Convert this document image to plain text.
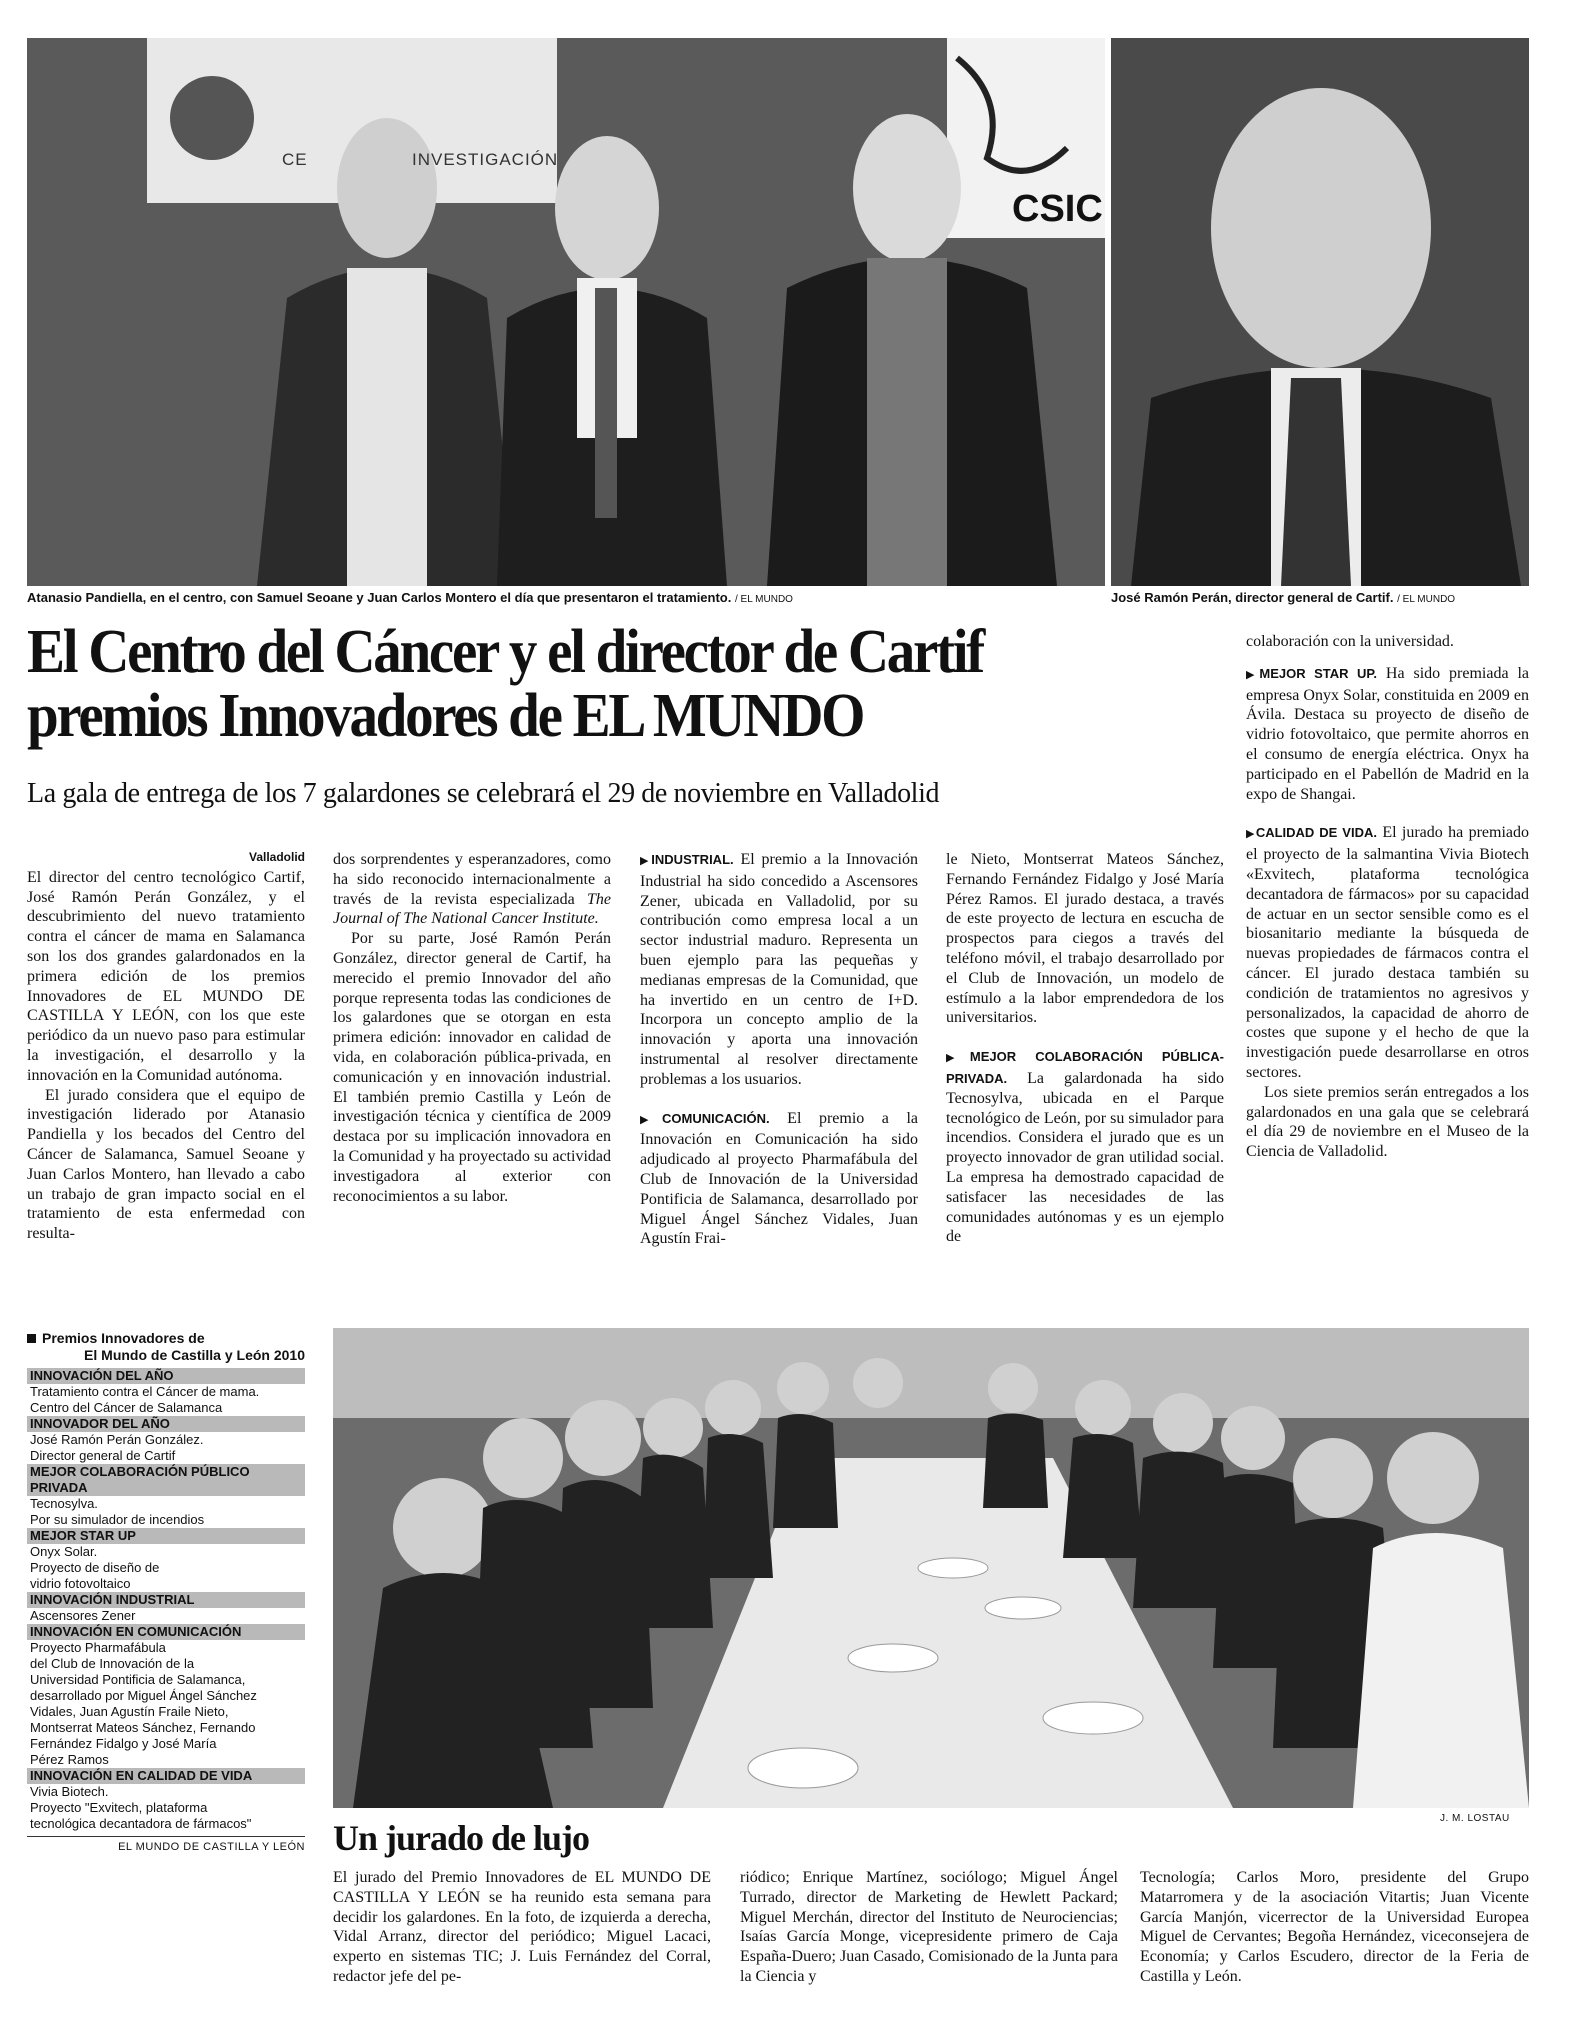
CE	INVESTIGACIÓN
CSIC
Atanasio Pandiella, en el centro, con Samuel Seoane y Juan Carlos Montero el día que presentaron el tratamiento. / EL MUNDO	José Ramón Perán, director general de Cartif. / EL MUNDO
El Centro del Cáncer y el director de Cartif
premios Innovadores de EL MUNDO
La gala de entrega de los 7 galardones se celebrará el 29 de noviembre en Valladolid
Valladolid

El director del centro tecnológico Cartif, José Ramón Perán González, y el descubrimiento del nuevo tratamiento contra el cáncer de mama en Salamanca son los dos grandes galardonados en la primera edición de los premios Innovadores de EL MUNDO DE CASTILLA Y LEÓN, con los que este periódico da un nuevo paso para estimular la investigación, el desarrollo y la innovación en la Comunidad autónoma.

El jurado considera que el equipo de investigación liderado por Atanasio Pandiella y los becados del Centro del Cáncer de Salamanca, Samuel Seoane y Juan Carlos Montero, han llevado a cabo un trabajo de gran impacto social en el tratamiento de esta enfermedad con resulta-

dos sorprendentes y esperanzadores, como ha sido reconocido internacionalmente a través de la revista especializada The Journal of The National Cancer Institute.

Por su parte, José Ramón Perán González, director general de Cartif, ha merecido el premio Innovador del año porque representa todas las condiciones de los galardones que se otorgan en esta primera edición: innovador en calidad de vida, en colaboración pública-privada, en comunicación y en innovación industrial. El también premio Castilla y León de investigación técnica y científica de 2009 destaca por su implicación innovadora en la Comunidad y ha proyectado su actividad investigadora al exterior con reconocimientos a su labor.

▶INDUSTRIAL. El premio a la Innovación Industrial ha sido concedido a Ascensores Zener, ubicada en Valladolid, por su contribución como empresa local a un sector industrial maduro. Representa un buen ejemplo para las pequeñas y medianas empresas de la Comunidad, que ha invertido en un centro de I+D. Incorpora un concepto amplio de la innovación y aporta una innovación instrumental al resolver directamente problemas a los usuarios.

▶COMUNICACIÓN. El premio a la Innovación en Comunicación ha sido adjudicado al proyecto Pharmafábula del Club de Innovación de la Universidad Pontificia de Salamanca, desarrollado por Miguel Ángel Sánchez Vidales, Juan Agustín Frai-

le Nieto, Montserrat Mateos Sánchez, Fernando Fernández Fidalgo y José María Pérez Ramos. El jurado destaca, a través de este proyecto de lectura en escucha de prospectos para ciegos a través del teléfono móvil, el trabajo desarrollado por el Club de Innovación, un modelo de estímulo a la labor emprendedora de los universitarios.

▶MEJOR COLABORACIÓN PÚBLICA-PRIVADA. La galardonada ha sido Tecnosylva, ubicada en el Parque tecnológico de León, por su simulador para incendios. Considera el jurado que es un proyecto innovador de gran utilidad social. La empresa ha demostrado capacidad de satisfacer las necesidades de las comunidades autónomas y es un ejemplo de

colaboración con la universidad.

▶MEJOR STAR UP. Ha sido premiada la empresa Onyx Solar, constituida en 2009 en Ávila. Destaca su proyecto de diseño de vidrio fotovoltaico, que permite ahorros en el consumo de energía eléctrica. Onyx ha participado en el Pabellón de Madrid en la expo de Shangai.

▶CALIDAD DE VIDA. El jurado ha premiado el proyecto de la salmantina Vivia Biotech «Exvitech, plataforma tecnológica decantadora de fármacos» por su capacidad de actuar en un sector sensible como es el biosanitario mediante la búsqueda de nuevas propiedades de fármacos contra el cáncer. El jurado destaca también su condición de tratamientos no agresivos y personalizados, la capacidad de ahorro de costes que supone y el hecho de que la investigación puede desarrollarse en otros sectores.

Los siete premios serán entregados a los galardonados en una gala que se celebrará el día 29 de noviembre en el Museo de la Ciencia de Valladolid.

Premios Innovadores de
El Mundo de Castilla y León 2010
INNOVACIÓN DEL AÑO
Tratamiento contra el Cáncer de mama.
Centro del Cáncer de Salamanca
INNOVADOR DEL AÑO
José Ramón Perán González.
Director general de Cartif
MEJOR COLABORACIÓN PÚBLICO PRIVADA
Tecnosylva.
Por su simulador de incendios
MEJOR STAR UP
Onyx Solar.
Proyecto de diseño de
vidrio fotovoltaico
INNOVACIÓN INDUSTRIAL
Ascensores Zener
INNOVACIÓN EN COMUNICACIÓN
Proyecto Pharmafábula
del Club de Innovación de la
Universidad Pontificia de Salamanca,
desarrollado por Miguel Ángel Sánchez
Vidales, Juan Agustín Fraile Nieto,
Montserrat Mateos Sánchez, Fernando
Fernández Fidalgo y José María
Pérez Ramos
INNOVACIÓN EN CALIDAD DE VIDA
Vivia Biotech.
Proyecto "Exvitech, plataforma
tecnológica decantadora de fármacos"
EL MUNDO DE CASTILLA Y LEÓN
J. M. LOSTAU
Un jurado de lujo
El jurado del Premio Innovadores de EL MUNDO DE CASTILLA Y LEÓN se ha reunido esta semana para decidir los galardones. En la foto, de izquierda a derecha, Vidal Arranz, director del periódico; Miguel Lacaci, experto en sistemas TIC; J. Luis Fernández del Corral, redactor jefe del pe-
riódico; Enrique Martínez, sociólogo; Miguel Ángel Turrado, director de Marketing de Hewlett Packard; Miguel Merchán, director del Instituto de Neurociencias; Isaías García Monge, vicepresidente primero de Caja España-Duero; Juan Casado, Comisionado de la Junta para la Ciencia y
Tecnología; Carlos Moro, presidente del Grupo Matarromera y de la asociación Vitartis; Juan Vicente García Manjón, vicerrector de la Universidad Europea Miguel de Cervantes; Begoña Hernández, viceconsejera de Economía; y Carlos Escudero, director de la Feria de Castilla y León.
